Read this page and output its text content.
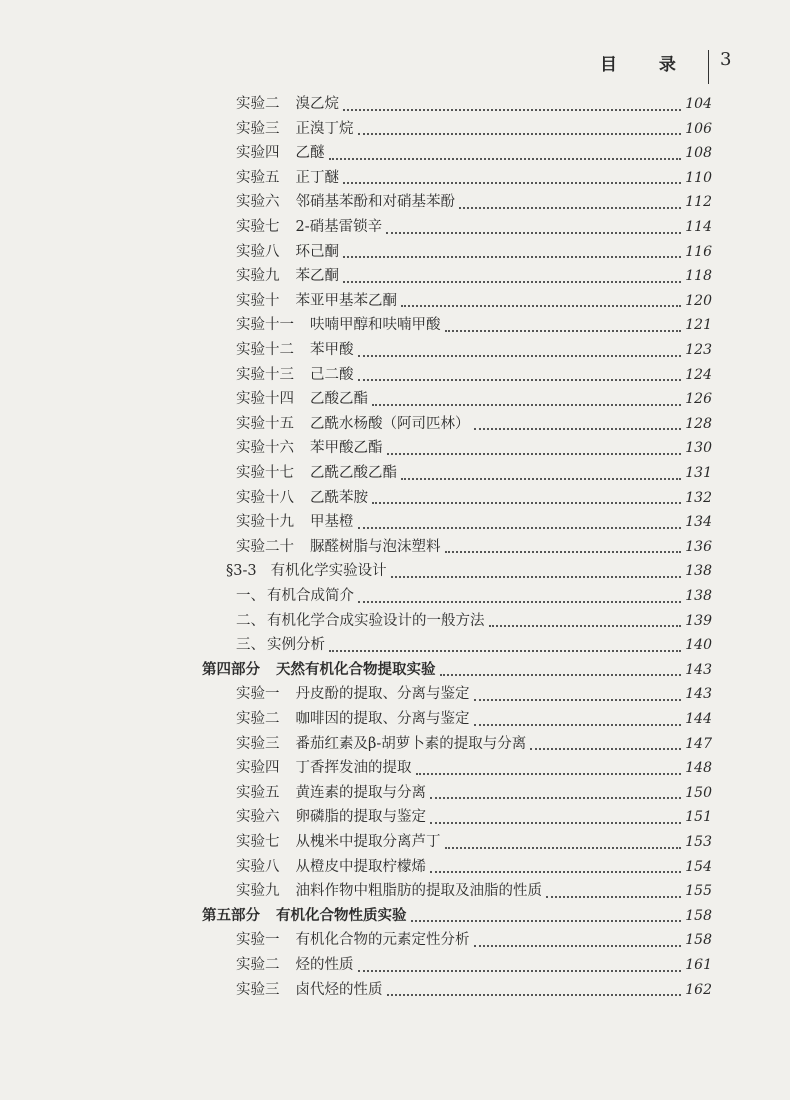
目 录 3
实验二 溴乙烷	104
实验三 正溴丁烷	106
实验四 乙醚	108
实验五 正丁醚	110
实验六 邻硝基苯酚和对硝基苯酚	112
实验七 2-硝基雷锁辛	114
实验八 环己酮	116
实验九 苯乙酮	118
实验十 苯亚甲基苯乙酮	120
实验十一 呋喃甲醇和呋喃甲酸	121
实验十二 苯甲酸	123
实验十三 己二酸	124
实验十四 乙酸乙酯	126
实验十五 乙酰水杨酸（阿司匹林）	128
实验十六 苯甲酸乙酯	130
实验十七 乙酰乙酸乙酯	131
实验十八 乙酰苯胺	132
实验十九 甲基橙	134
实验二十 脲醛树脂与泡沫塑料	136
§3-3 有机化学实验设计	138
一、 有机合成简介	138
二、 有机化学合成实验设计的一般方法	139
三、 实例分析	140
第四部分 天然有机化合物提取实验	143
实验一 丹皮酚的提取、分离与鉴定	143
实验二 咖啡因的提取、分离与鉴定	144
实验三 番茄红素及β-胡萝卜素的提取与分离	147
实验四 丁香挥发油的提取	148
实验五 黄连素的提取与分离	150
实验六 卵磷脂的提取与鉴定	151
实验七 从槐米中提取分离芦丁	153
实验八 从橙皮中提取柠檬烯	154
实验九 油料作物中粗脂肪的提取及油脂的性质	155
第五部分 有机化合物性质实验	158
实验一 有机化合物的元素定性分析	158
实验二 烃的性质	161
实验三 卤代烃的性质	162
